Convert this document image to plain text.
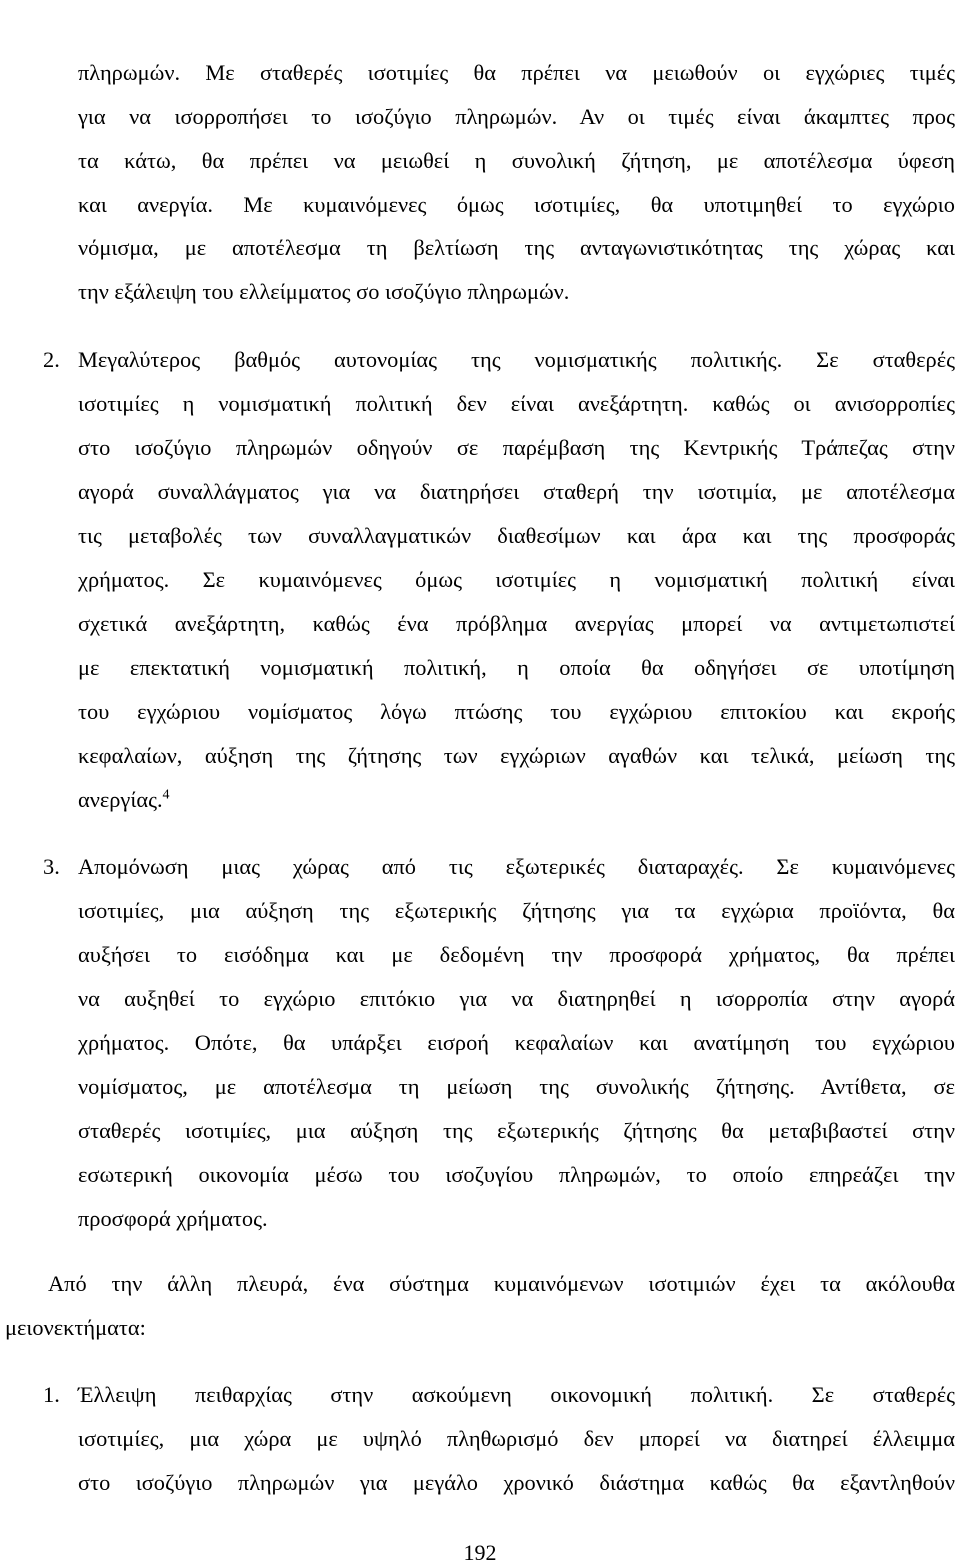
πληρωμών. Με σταθερές ισοτιμίες θα πρέπει να μειωθούν οι εγχώριες τιμές
για να ισορροπήσει το ισοζύγιο πληρωμών. Αν οι τιμές είναι άκαμπτες προς
τα κάτω, θα πρέπει να μειωθεί η συνολική ζήτηση, με αποτέλεσμα ύφεση
και ανεργία. Με κυμαινόμενες όμως ισοτιμίες, θα υποτιμηθεί το εγχώριο
νόμισμα, με αποτέλεσμα τη βελτίωση της ανταγωνιστικότητας της χώρας και
την εξάλειψη του ελλείμματος σο ισοζύγιο πληρωμών.
2. Μεγαλύτερος βαθμός αυτονομίας της νομισματικής πολιτικής. Σε σταθερές
ισοτιμίες η νομισματική πολιτική δεν είναι ανεξάρτητη. καθώς οι ανισορροπίες
στο ισοζύγιο πληρωμών οδηγούν σε παρέμβαση της Κεντρικής Τράπεζας στην
αγορά συναλλάγματος για να διατηρήσει σταθερή την ισοτιμία, με αποτέλεσμα
τις μεταβολές των συναλλαγματικών διαθεσίμων και άρα και της προσφοράς
χρήματος. Σε κυμαινόμενες όμως ισοτιμίες η νομισματική πολιτική είναι
σχετικά ανεξάρτητη, καθώς ένα πρόβλημα ανεργίας μπορεί να αντιμετωπιστεί
με επεκτατική νομισματική πολιτική, η οποία θα οδηγήσει σε υποτίμηση
του εγχώριου νομίσματος λόγω πτώσης του εγχώριου επιτοκίου και εκροής
κεφαλαίων, αύξηση της ζήτησης των εγχώριων αγαθών και τελικά, μείωση της
ανεργίας.$^4$
3. Απομόνωση μιας χώρας από τις εξωτερικές διαταραχές. Σε κυμαινόμενες
ισοτιμίες, μια αύξηση της εξωτερικής ζήτησης για τα εγχώρια προϊόντα, θα
αυξήσει το εισόδημα και με δεδομένη την προσφορά χρήματος, θα πρέπει
να αυξηθεί το εγχώριο επιτόκιο για να διατηρηθεί η ισορροπία στην αγορά
χρήματος. Οπότε, θα υπάρξει εισροή κεφαλαίων και ανατίμηση του εγχώριου
νομίσματος, με αποτέλεσμα τη μείωση της συνολικής ζήτησης. Αντίθετα, σε
σταθερές ισοτιμίες, μια αύξηση της εξωτερικής ζήτησης θα μεταβιβαστεί στην
εσωτερική οικονομία μέσω του ισοζυγίου πληρωμών, το οποίο επηρεάζει την
προσφορά χρήματος.
Από την άλλη πλευρά, ένα σύστημα κυμαινόμενων ισοτιμιών έχει τα ακόλουθα
μειονεκτήματα:
1. Έλλειψη πειθαρχίας στην ασκούμενη οικονομική πολιτική. Σε σταθερές
ισοτιμίες, μια χώρα με υψηλό πληθωρισμό δεν μπορεί να διατηρεί έλλειμμα
στο ισοζύγιο πληρωμών για μεγάλο χρονικό διάστημα καθώς θα εξαντληθούν
192
